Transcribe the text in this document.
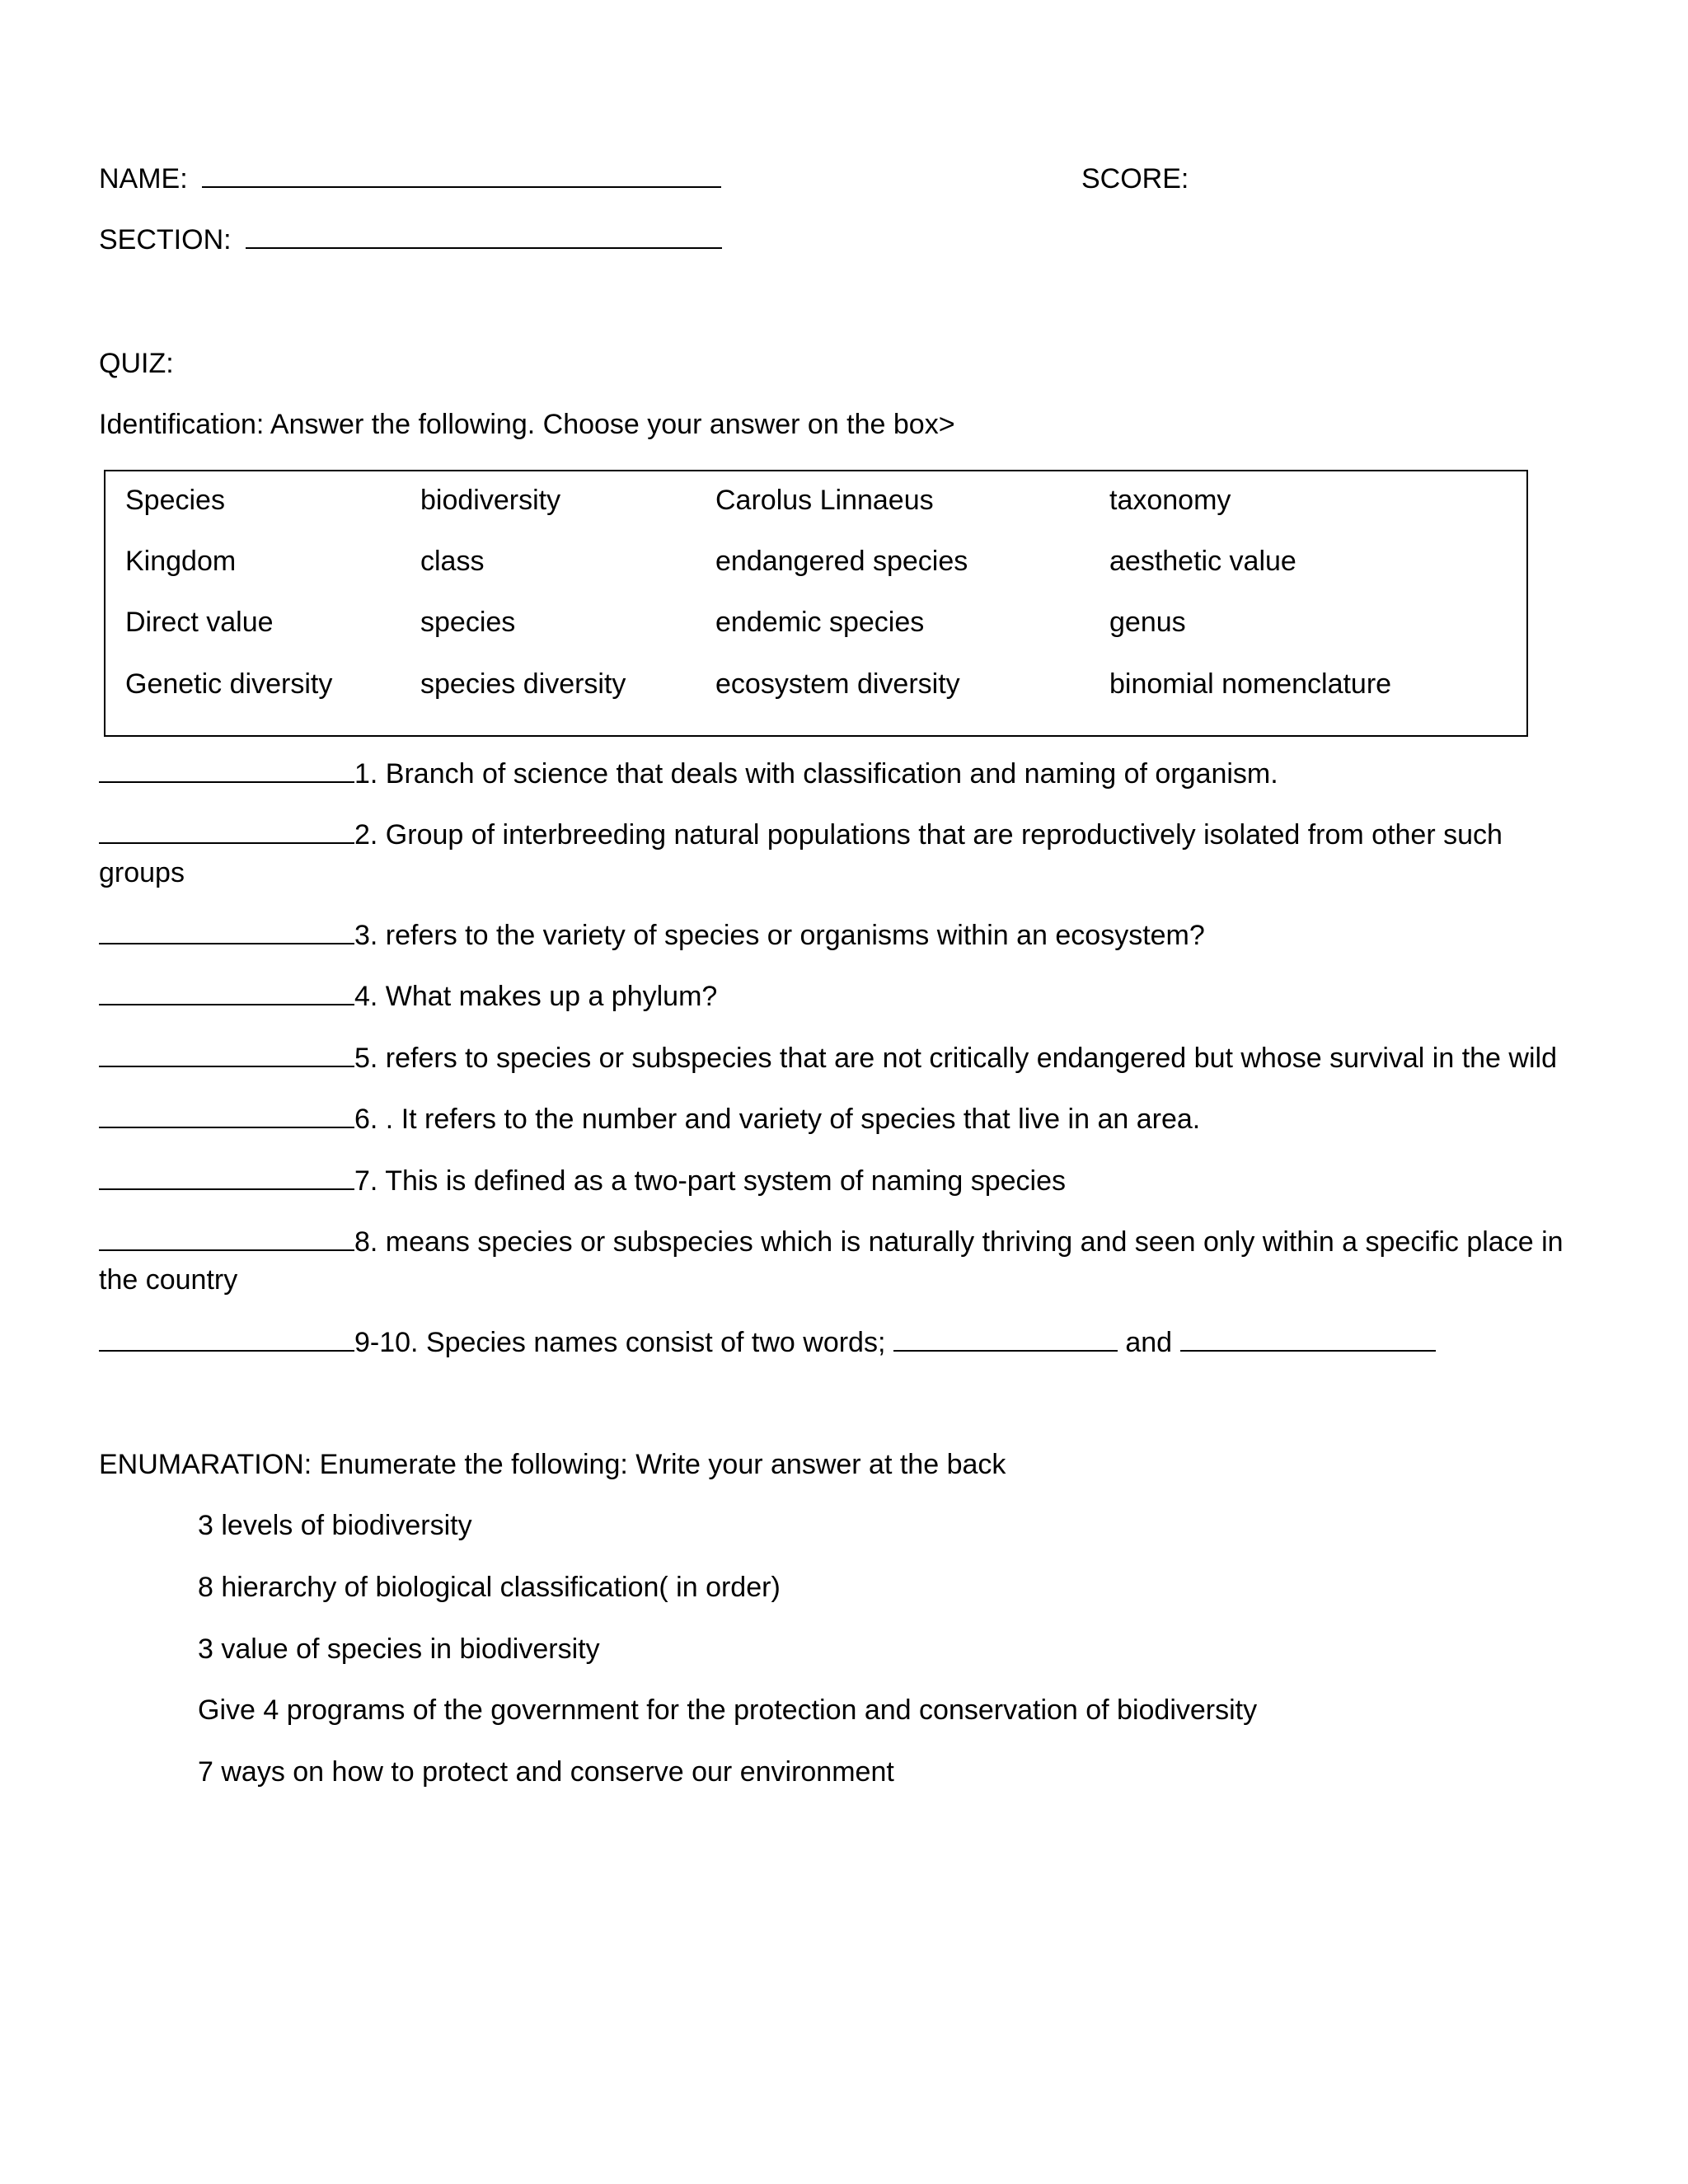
NAME:	SCORE:
SECTION:
QUIZ:
Identification: Answer the following. Choose your answer on the box>
Species	biodiversity	Carolus Linnaeus	taxonomy
Kingdom	class	endangered species	aesthetic value
Direct value	species	endemic species	genus
Genetic diversity	species diversity	ecosystem diversity	binomial nomenclature
1. Branch of science that deals with classification and naming of organism.
2. Group of interbreeding natural populations that are reproductively isolated from other such
groups
3. refers to the variety of species or organisms within an ecosystem?
4. What makes up a phylum?
5. refers to species or subspecies that are not critically endangered but whose survival in the wild
6. . It refers to the number and variety of species that live in an area.
7. This is defined as a two-part system of naming species
8. means species or subspecies which is naturally thriving and seen only within a specific place in
the country
9-10. Species names consist of two words;	and
ENUMARATION: Enumerate the following: Write your answer at the back
3 levels of biodiversity
8 hierarchy of biological classification( in order)
3 value of species in biodiversity
Give 4 programs of the government for the protection and conservation of biodiversity
7 ways on how to protect and conserve our environment
